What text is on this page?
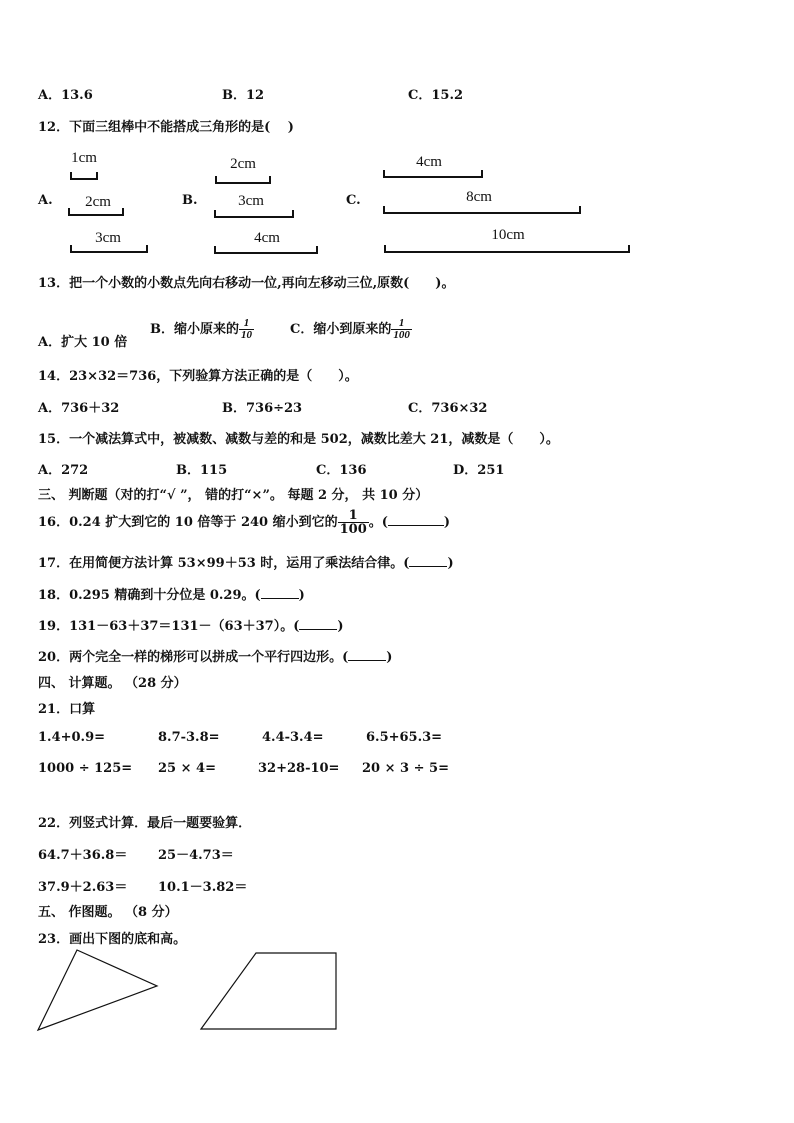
A．13.6	B．12	C．15.2
12．下面三组棒中不能搭成三角形的是(　 )
A.	B.	C.
1cm
2cm
3cm
2cm
3cm
4cm
4cm
8cm
10cm
13．把一个小数的小数点先向右移动一位,再向左移动三位,原数(　　)。
A．扩大 10 倍
B．缩小原来的 $\frac{1}{10}$	C．缩小到原来的 $\frac{1}{100}$
14．23×32＝736，下列验算方法正确的是（　　）。
A．736＋32	B．736÷23	C．736×32
15．一个减法算式中，被减数、减数与差的和是 502，减数比差大 21，减数是（　　）。
A．272	B．115	C．136	D．251
三、 判断题（对的打“√ ”， 错的打“×”。 每题 2 分， 共 10 分）
16．0.24 扩大到它的 10 倍等于 240 缩小到它的 $\frac{1}{100}$ 。(	)
17．在用简便方法计算 53×99＋53 时，运用了乘法结合律。(	)
18．0.295 精确到十分位是 0.29。(	)
19．131－63＋37＝131－（63＋37）。(	)
20．两个完全一样的梯形可以拼成一个平行四边形。(	)
四、 计算题。 （28 分）
21．口算
1.4+0.9=	8.7-3.8=	4.4-3.4=	6.5+65.3=
1000 ÷ 125= 25 × 4=	32+28-10= 20 × 3 ÷ 5=
22．列竖式计算．最后一题要验算．
64.7＋36.8＝ 25－4.73＝
37.9＋2.63＝ 10.1－3.82＝
五、 作图题。 （8 分）
23．画出下图的底和高。
